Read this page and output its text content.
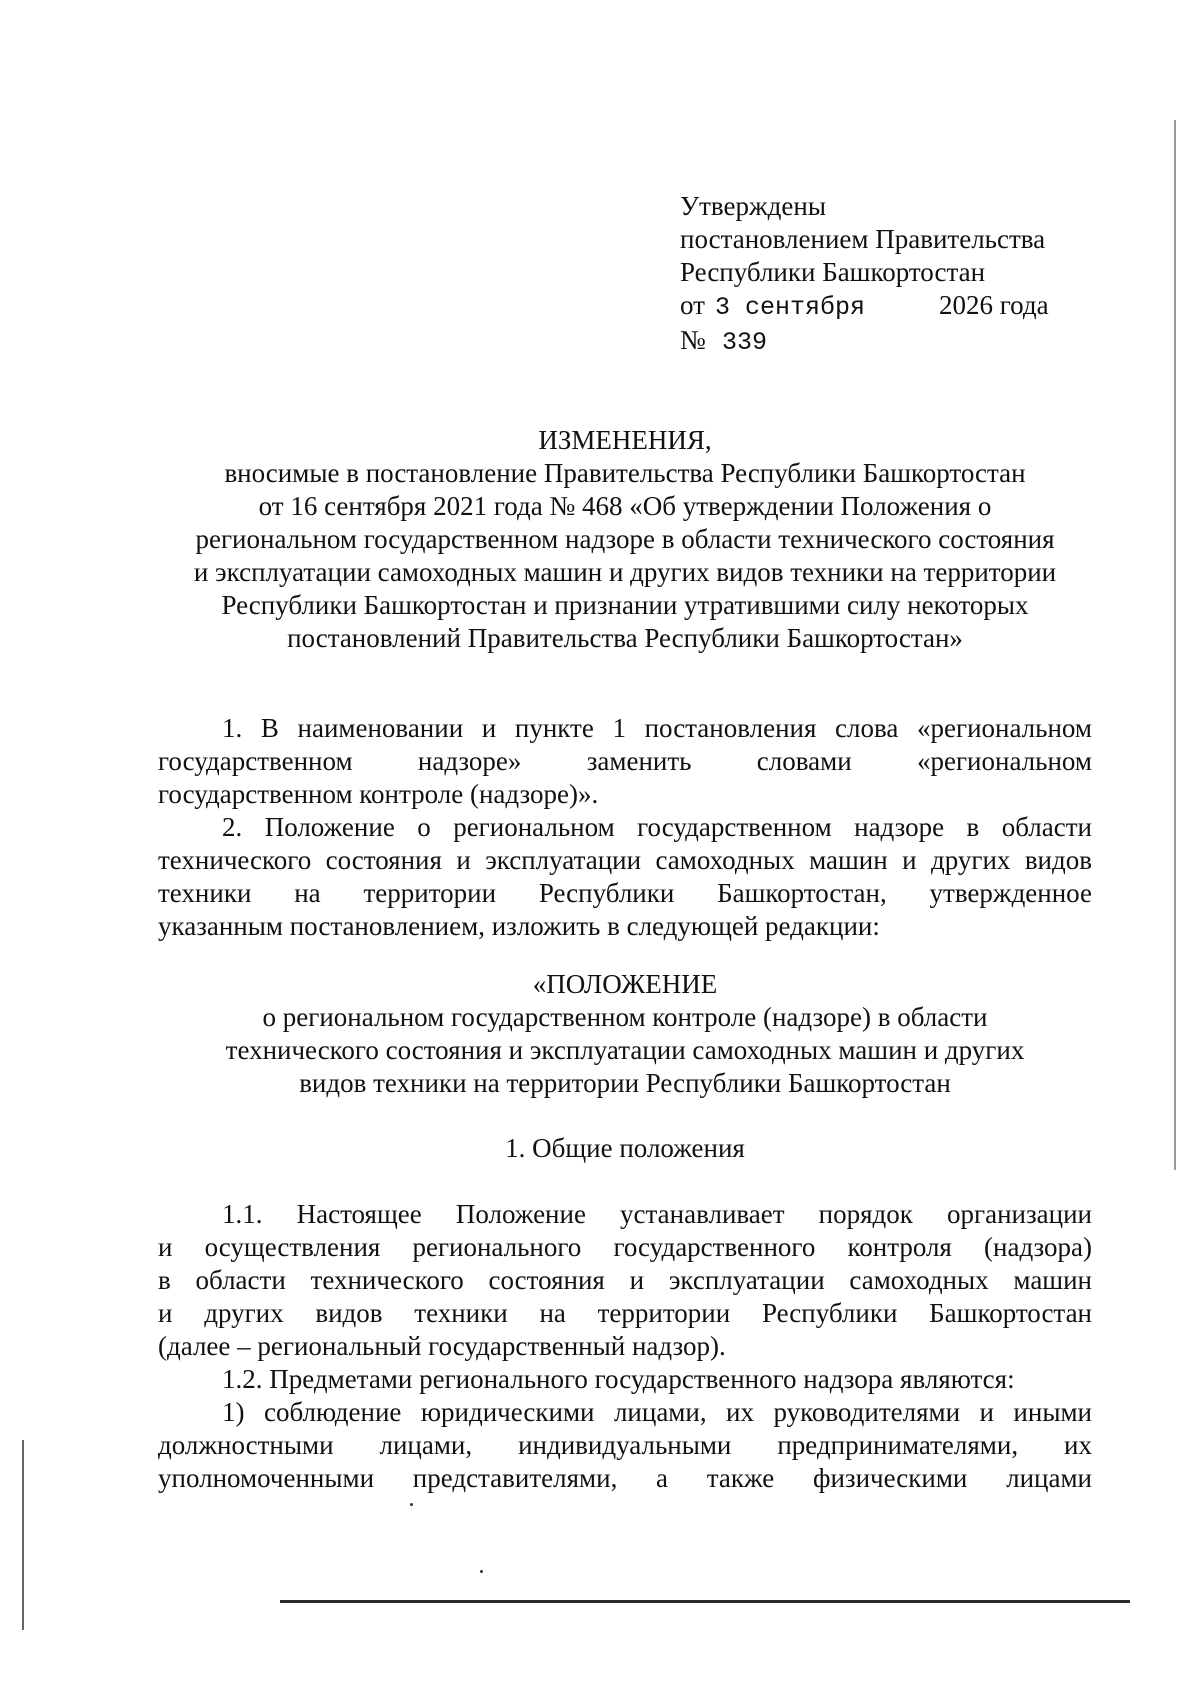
Утверждены
постановлением Правительства
Республики Башкортостан
от 3 сентября	2026 года
№ 339
ИЗМЕНЕНИЯ,
вносимые в постановление Правительства Республики Башкортостан
от 16 сентября 2021 года № 468 «Об утверждении Положения о
региональном государственном надзоре в области технического состояния
и эксплуатации самоходных машин и других видов техники на территории
Республики Башкортостан и признании утратившими силу некоторых
постановлений Правительства Республики Башкортостан»
1. В наименовании и пункте 1 постановления слова «региональном
государственном надзоре» заменить словами «региональном
государственном контроле (надзоре)».
2. Положение о региональном государственном надзоре в области
технического состояния и эксплуатации самоходных машин и других видов
техники на территории Республики Башкортостан, утвержденное
указанным постановлением, изложить в следующей редакции:
«ПОЛОЖЕНИЕ
о региональном государственном контроле (надзоре) в области
технического состояния и эксплуатации самоходных машин и других
видов техники на территории Республики Башкортостан
1. Общие положения
1.1. Настоящее Положение устанавливает порядок организации
и осуществления регионального государственного контроля (надзора)
в области технического состояния и эксплуатации самоходных машин
и других видов техники на территории Республики Башкортостан
(далее – региональный государственный надзор).
1.2. Предметами регионального государственного надзора являются:
1) соблюдение юридическими лицами, их руководителями и иными
должностными лицами, индивидуальными предпринимателями, их
уполномоченными представителями, а также физическими лицами
